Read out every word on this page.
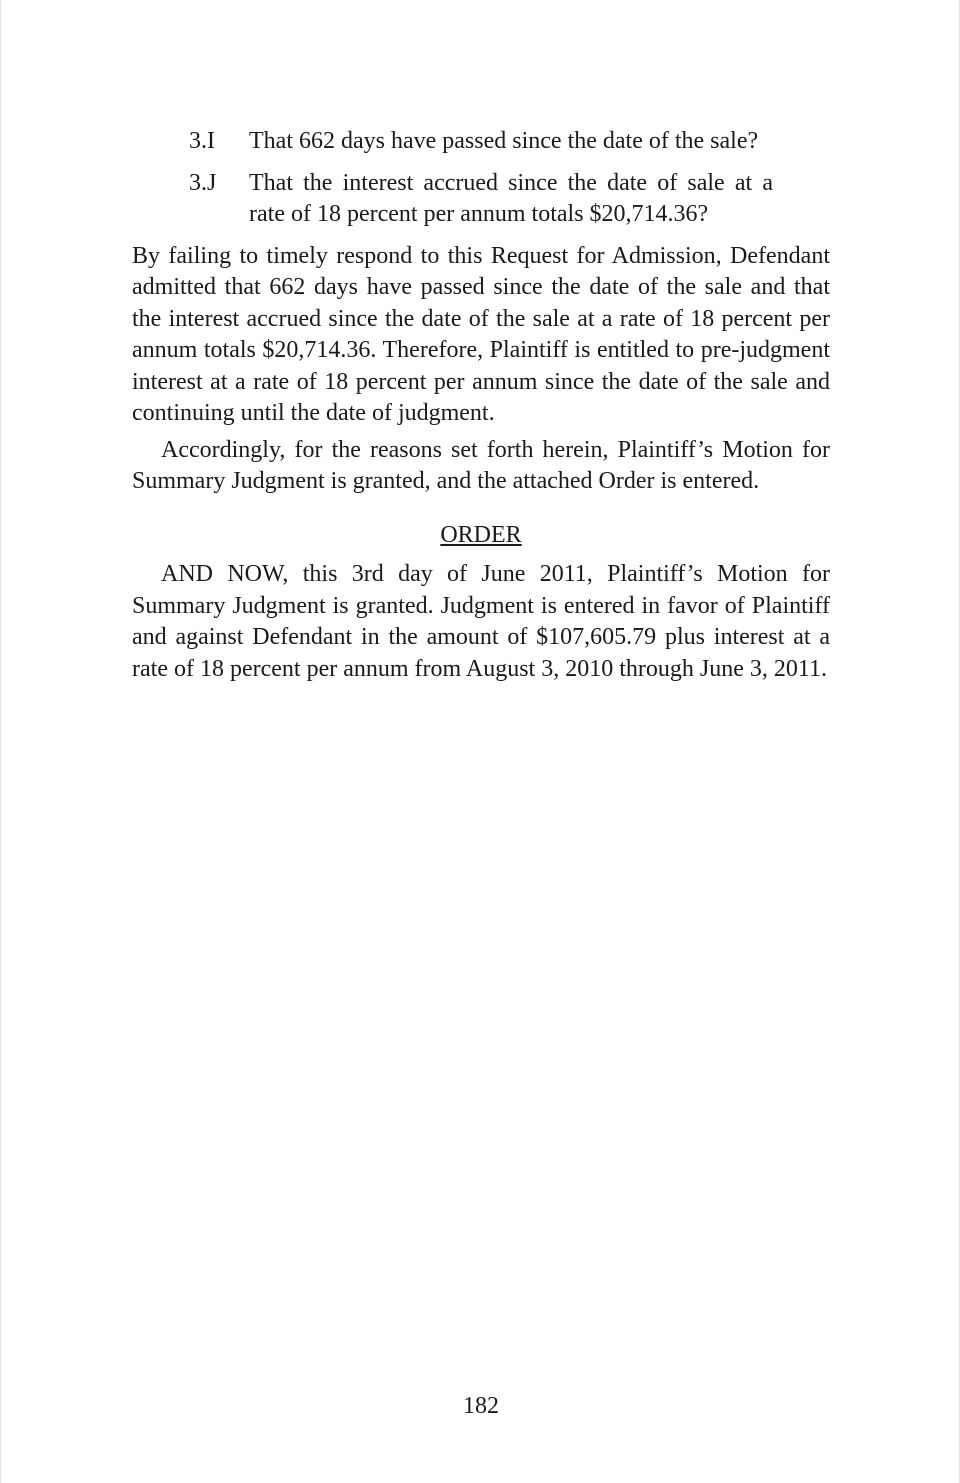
3.I That 662 days have passed since the date of the sale?
3.J That the interest accrued since the date of sale at a rate of 18 percent per annum totals $20,714.36?

By failing to timely respond to this Request for Admission, Defendant admitted that 662 days have passed since the date of the sale and that the interest accrued since the date of the sale at a rate of 18 percent per annum totals $20,714.36. Therefore, Plaintiff is entitled to pre-judgment interest at a rate of 18 percent per annum since the date of the sale and continuing until the date of judgment.

Accordingly, for the reasons set forth herein, Plaintiff’s Motion for Summary Judgment is granted, and the attached Order is entered.

ORDER

AND NOW, this 3rd day of June 2011, Plaintiff’s Motion for Summary Judgment is granted. Judgment is entered in favor of Plaintiff and against Defendant in the amount of $107,605.79 plus interest at a rate of 18 percent per annum from August 3, 2010 through June 3, 2011.

182
